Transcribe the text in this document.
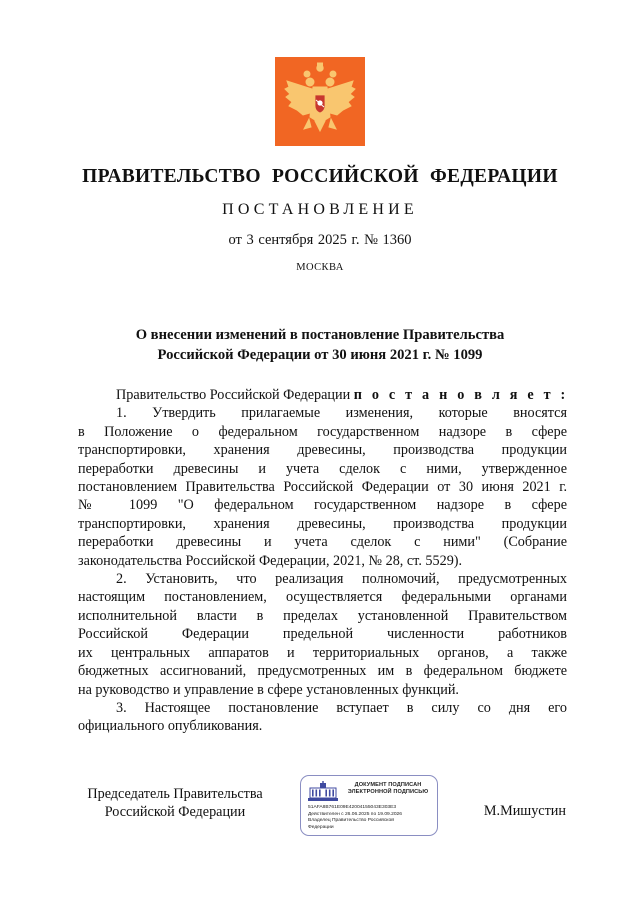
ПРАВИТЕЛЬСТВО РОССИЙСКОЙ ФЕДЕРАЦИИ
ПОСТАНОВЛЕНИЕ
от 3 сентября 2025 г. № 1360
МОСКВА
О внесении изменений в постановление Правительства
Российской Федерации от 30 июня 2021 г. № 1099
Правительство Российской Федерации п о с т а н о в л я е т :
1. Утвердить прилагаемые изменения, которые вносятся
в Положение о федеральном государственном надзоре в сфере
транспортировки, хранения древесины, производства продукции
переработки древесины и учета сделок с ними, утвержденное
постановлением Правительства Российской Федерации от 30 июня 2021 г.
№ 1099 "О федеральном государственном надзоре в сфере
транспортировки, хранения древесины, производства продукции
переработки древесины и учета сделок с ними" (Собрание
законодательства Российской Федерации, 2021, № 28, ст. 5529).
2. Установить, что реализация полномочий, предусмотренных
настоящим постановлением, осуществляется федеральными органами
исполнительной власти в пределах установленной Правительством
Российской Федерации предельной численности работников
их центральных аппаратов и территориальных органов, а также
бюджетных ассигнований, предусмотренных им в федеральном бюджете
на руководство и управление в сфере установленных функций.
3. Настоящее постановление вступает в силу со дня его
официального опубликования.
Председатель Правительства
Российской Федерации
ДОКУМЕНТ ПОДПИСАН
ЭЛЕКТРОННОЙ ПОДПИСЬЮ
51AFA8B761E09E42004155043E303E3
Действителен с 26.06.2025 по 19.09.2026
Владелец Правительство Российской
Федерации
М.Мишустин
